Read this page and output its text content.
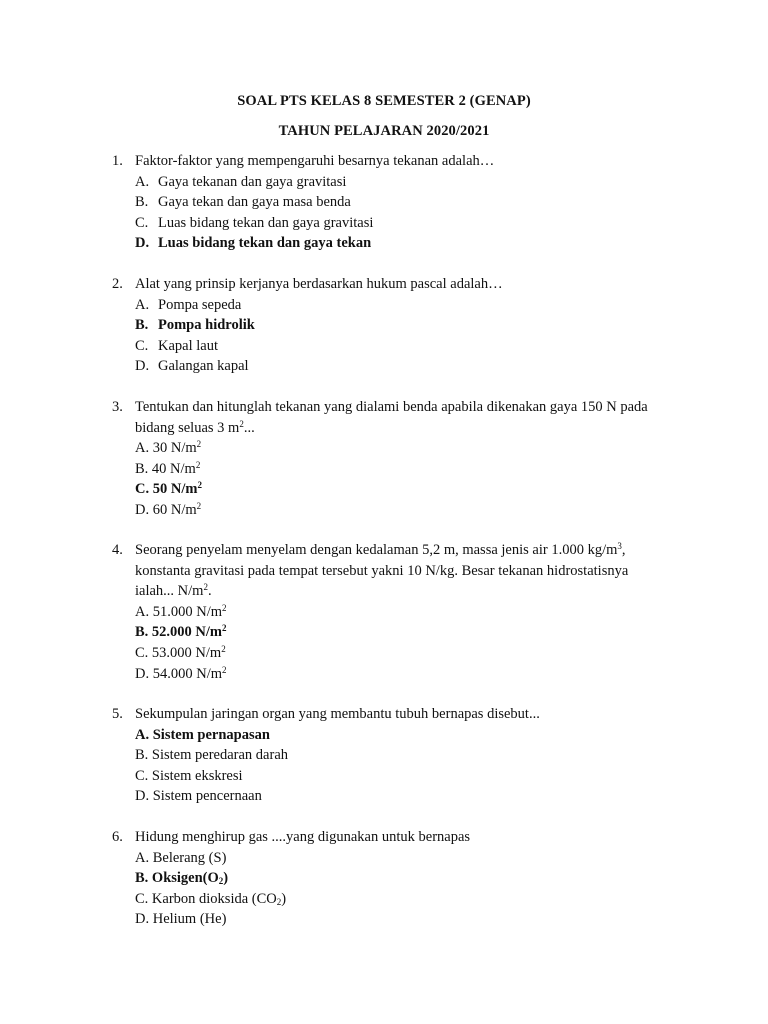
SOAL PTS KELAS 8 SEMESTER 2 (GENAP)
TAHUN PELAJARAN 2020/2021
1. Faktor-faktor yang mempengaruhi besarnya tekanan adalah…
A. Gaya tekanan dan gaya gravitasi
B. Gaya tekan dan gaya masa benda
C. Luas bidang tekan dan gaya gravitasi
D. Luas bidang tekan dan gaya tekan
2. Alat yang prinsip kerjanya berdasarkan hukum pascal adalah…
A. Pompa sepeda
B. Pompa hidrolik
C. Kapal laut
D. Galangan kapal
3. Tentukan dan hitunglah tekanan yang dialami benda apabila dikenakan gaya 150 N pada
bidang seluas 3 $m^2$...
A. 30 $N/m^2$
B. 40 $N/m^2$
C. 50 $N/m^2$
D. 60 $N/m^2$
4. Seorang penyelam menyelam dengan kedalaman 5,2 m, massa jenis air 1.000 $kg/m^3$,
konstanta gravitasi pada tempat tersebut yakni 10 N/kg. Besar tekanan hidrostatisnya
ialah... $N/m^2$.
A. 51.000 $N/m^2$
B. 52.000 $N/m^2$
C. 53.000 $N/m^2$
D. 54.000 $N/m^2$
5. Sekumpulan jaringan organ yang membantu tubuh bernapas disebut...
A. Sistem pernapasan
B. Sistem peredaran darah
C. Sistem ekskresi
D. Sistem pencernaan
6. Hidung menghirup gas ....yang digunakan untuk bernapas
A. Belerang (S)
B. $Oksigen(O_2)$
C. Karbon dioksida $(CO_2)$
D. Helium (He)
